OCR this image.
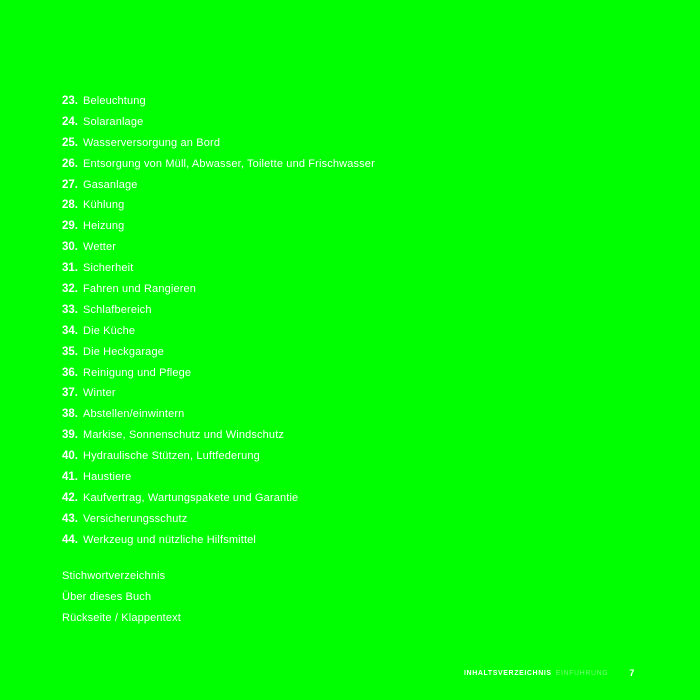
23. Beleuchtung
24. Solaranlage
25. Wasserversorgung an Bord
26. Entsorgung von Müll, Abwasser, Toilette und Frischwasser
27. Gasanlage
28. Kühlung
29. Heizung
30. Wetter
31. Sicherheit
32. Fahren und Rangieren
33. Schlafbereich
34. Die Küche
35. Die Heckgarage
36. Reinigung und Pflege
37. Winter
38. Abstellen/einwintern
39. Markise, Sonnenschutz und Windschutz
40. Hydraulische Stützen, Luftfederung
41. Haustiere
42. Kaufvertrag, Wartungspakete und Garantie
43. Versicherungsschutz
44. Werkzeug und nützliche Hilfsmittel
Stichwortverzeichnis
Über dieses Buch
Rückseite / Klappentext
INHALTSVERZEICHNIS EINFÜHRUNG 7
